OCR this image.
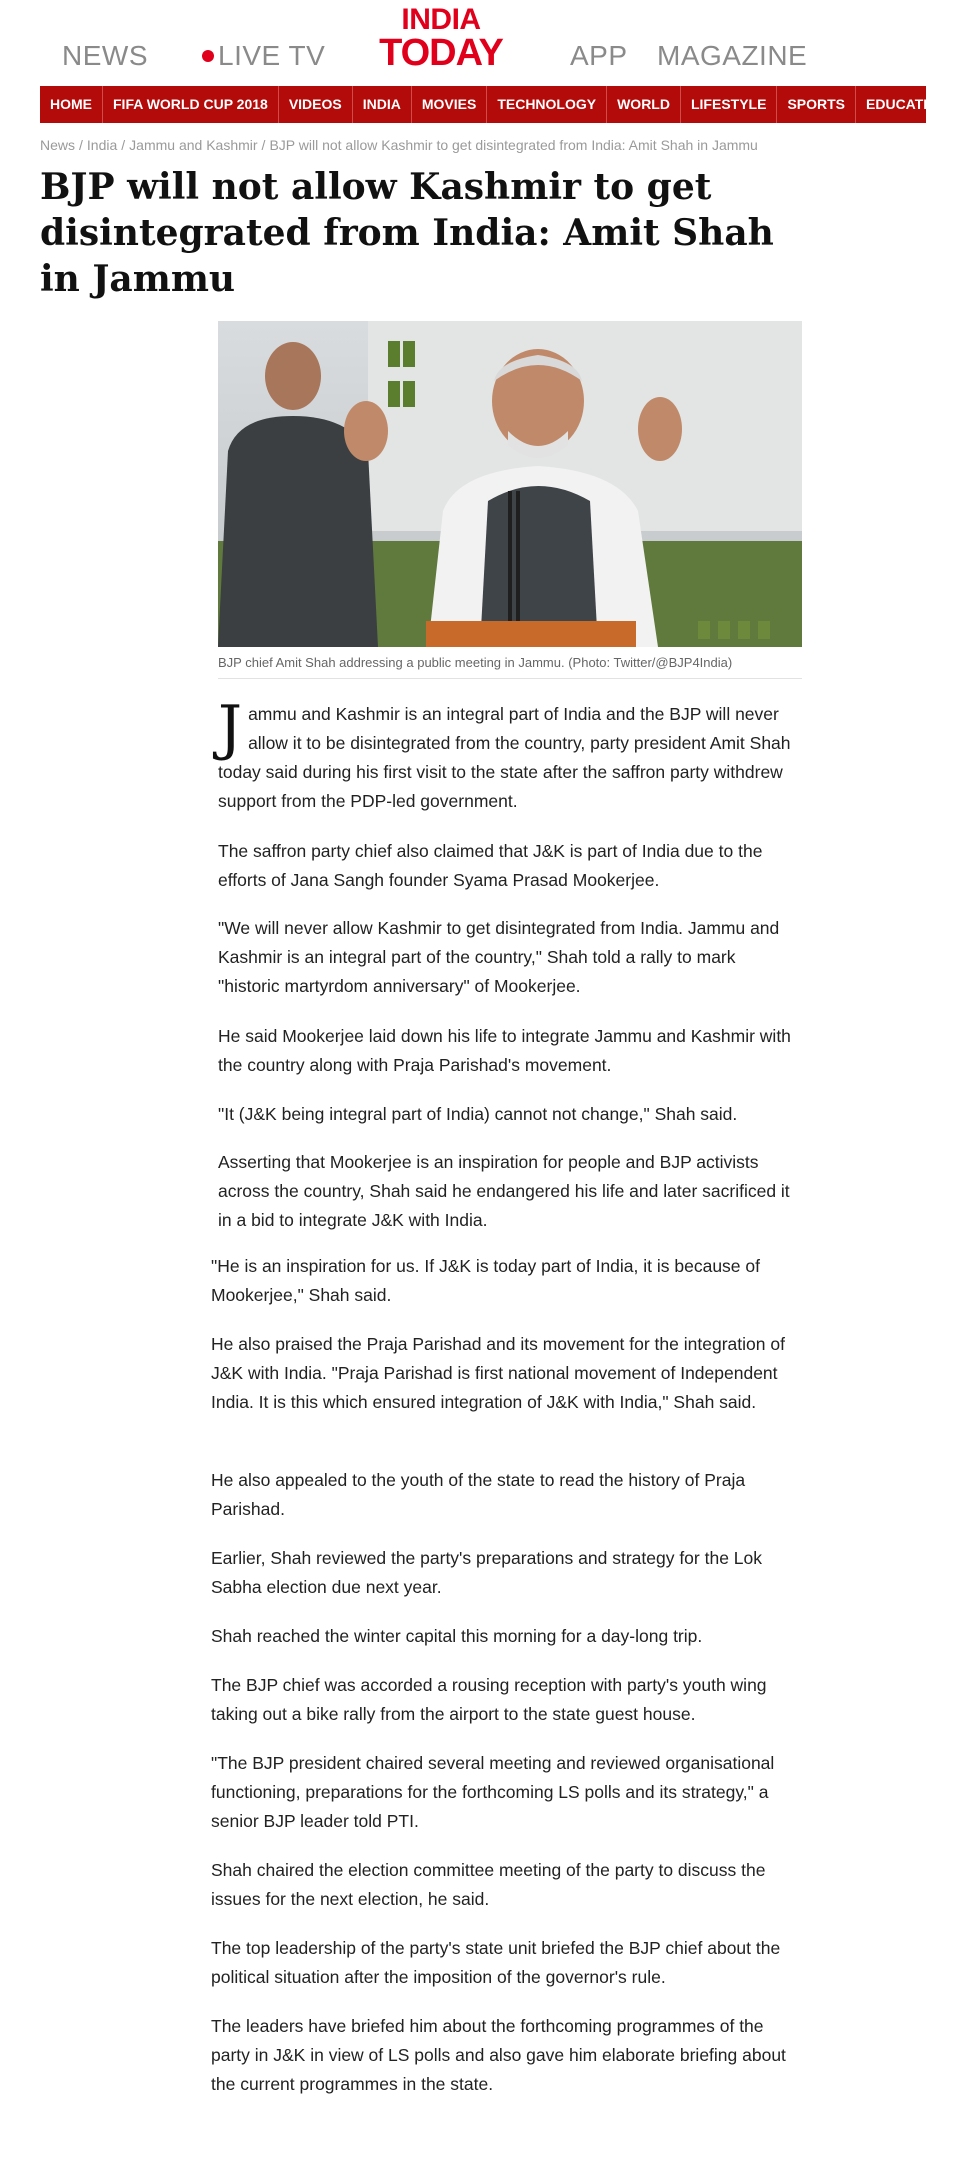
NEWS	LIVE TV
INDIA
TODAY	APP MAGAZINE
HOME	FIFA WORLD CUP 2018	VIDEOS	INDIA	MOVIES	TECHNOLOGY	WORLD	LIFESTYLE	SPORTS	EDUCATION
News / India / Jammu and Kashmir / BJP will not allow Kashmir to get disintegrated from India: Amit Shah in Jammu
BJP will not allow Kashmir to get disintegrated from India: Amit Shah in Jammu
BJP chief Amit Shah addressing a public meeting in Jammu. (Photo: Twitter/@BJP4India)

Jammu and Kashmir is an integral part of India and the BJP will never allow it to be disintegrated from the country, party president Amit Shah today said during his first visit to the state after the saffron party withdrew support from the PDP-led government.

The saffron party chief also claimed that J&K is part of India due to the efforts of Jana Sangh founder Syama Prasad Mookerjee.

"We will never allow Kashmir to get disintegrated from India. Jammu and Kashmir is an integral part of the country," Shah told a rally to mark "historic martyrdom anniversary" of Mookerjee.

He said Mookerjee laid down his life to integrate Jammu and Kashmir with the country along with Praja Parishad's movement.

"It (J&K being integral part of India) cannot not change," Shah said.

Asserting that Mookerjee is an inspiration for people and BJP activists across the country, Shah said he endangered his life and later sacrificed it in a bid to integrate J&K with India.

"He is an inspiration for us. If J&K is today part of India, it is because of Mookerjee," Shah said.

He also praised the Praja Parishad and its movement for the integration of J&K with India. "Praja Parishad is first national movement of Independent India. It is this which ensured integration of J&K with India," Shah said.

He also appealed to the youth of the state to read the history of Praja Parishad.

Earlier, Shah reviewed the party's preparations and strategy for the Lok Sabha election due next year.

Shah reached the winter capital this morning for a day-long trip.

The BJP chief was accorded a rousing reception with party's youth wing taking out a bike rally from the airport to the state guest house.

"The BJP president chaired several meeting and reviewed organisational functioning, preparations for the forthcoming LS polls and its strategy," a senior BJP leader told PTI.

Shah chaired the election committee meeting of the party to discuss the issues for the next election, he said.

The top leadership of the party's state unit briefed the BJP chief about the political situation after the imposition of the governor's rule.

The leaders have briefed him about the forthcoming programmes of the party in J&K in view of LS polls and also gave him elaborate briefing about the current programmes in the state.
